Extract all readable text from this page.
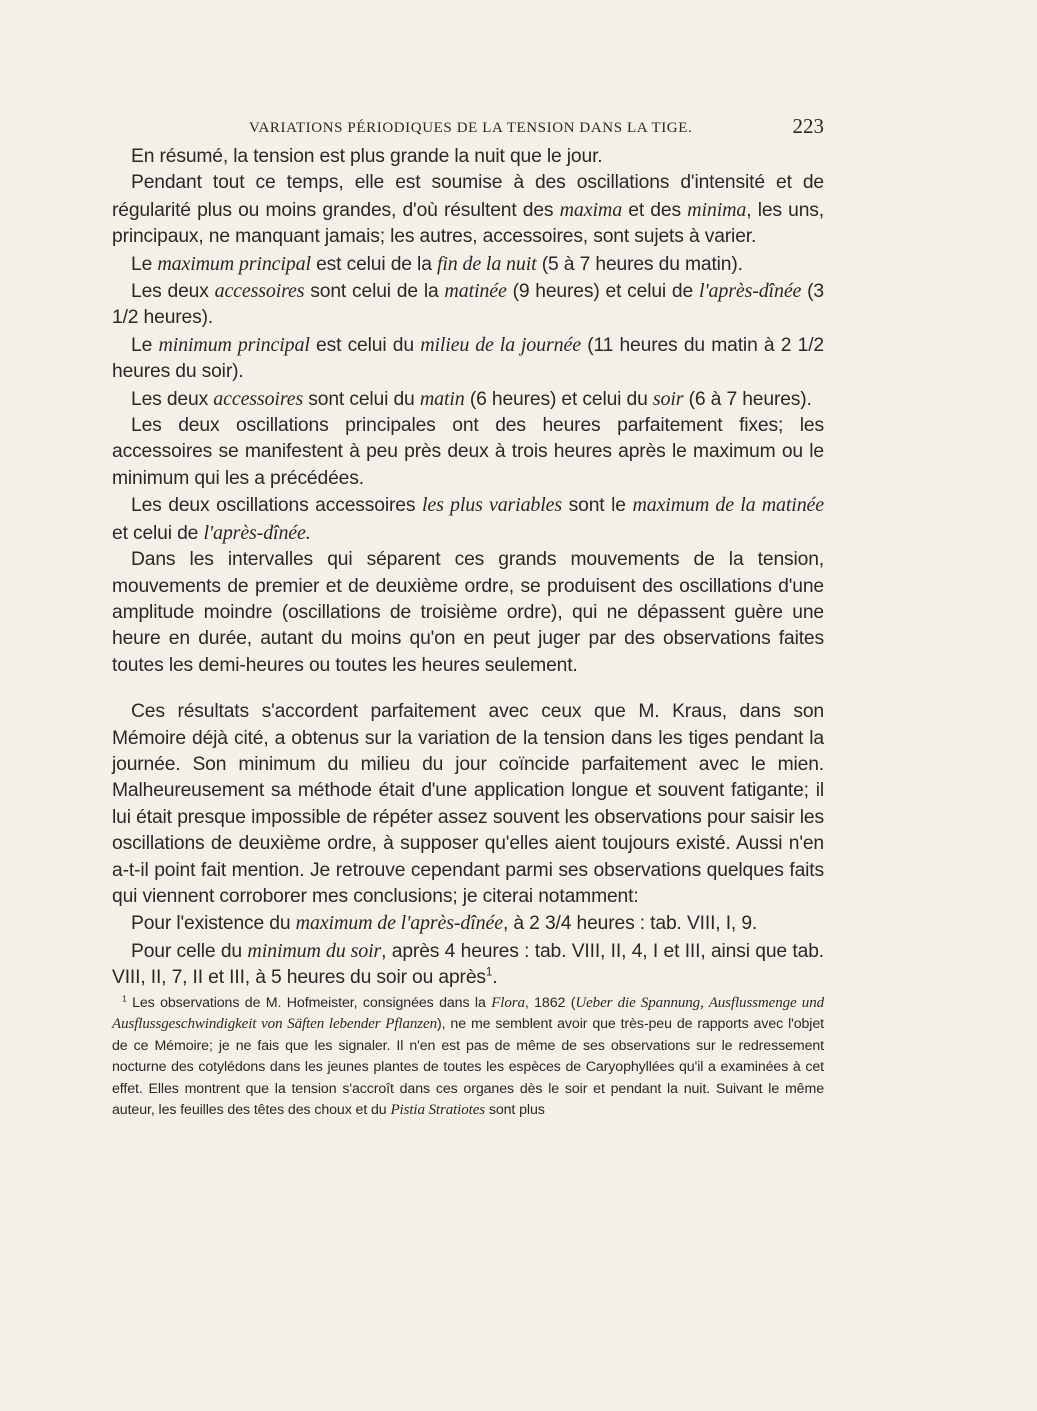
VARIATIONS PÉRIODIQUES DE LA TENSION DANS LA TIGE.	223

En résumé, la tension est plus grande la nuit que le jour.

Pendant tout ce temps, elle est soumise à des oscillations d'intensité et de régularité plus ou moins grandes, d'où résultent des maxima et des minima, les uns, principaux, ne manquant jamais; les autres, accessoires, sont sujets à varier.

Le maximum principal est celui de la fin de la nuit (5 à 7 heures du matin).

Les deux accessoires sont celui de la matinée (9 heures) et celui de l'après-dînée (3 1/2 heures).

Le minimum principal est celui du milieu de la journée (11 heures du matin à 2 1/2 heures du soir).

Les deux accessoires sont celui du matin (6 heures) et celui du soir (6 à 7 heures).

Les deux oscillations principales ont des heures parfaitement fixes; les accessoires se manifestent à peu près deux à trois heures après le maximum ou le minimum qui les a précédées.

Les deux oscillations accessoires les plus variables sont le maximum de la matinée et celui de l'après-dînée.

Dans les intervalles qui séparent ces grands mouvements de la tension, mouvements de premier et de deuxième ordre, se produisent des oscillations d'une amplitude moindre (oscillations de troisième ordre), qui ne dépassent guère une heure en durée, autant du moins qu'on en peut juger par des observations faites toutes les demi-heures ou toutes les heures seulement.

Ces résultats s'accordent parfaitement avec ceux que M. Kraus, dans son Mémoire déjà cité, a obtenus sur la variation de la tension dans les tiges pendant la journée. Son minimum du milieu du jour coïncide parfaitement avec le mien. Malheureusement sa méthode était d'une application longue et souvent fatigante; il lui était presque impossible de répéter assez souvent les observations pour saisir les oscillations de deuxième ordre, à supposer qu'elles aient toujours existé. Aussi n'en a-t-il point fait mention. Je retrouve cependant parmi ses observations quelques faits qui viennent corroborer mes conclusions; je citerai notamment:

Pour l'existence du maximum de l'après-dînée, à 2 3/4 heures : tab. VIII, I, 9.

Pour celle du minimum du soir, après 4 heures : tab. VIII, II, 4, I et III, ainsi que tab. VIII, II, 7, II et III, à 5 heures du soir ou après$^1$.

$^1$ Les observations de M. Hofmeister, consignées dans la Flora, 1862 (Ueber die Spannung, Ausflussmenge und Ausflussgeschwindigkeit von Säften lebender Pflanzen), ne me semblent avoir que très-peu de rapports avec l'objet de ce Mémoire; je ne fais que les signaler. Il n'en est pas de même de ses observations sur le redressement nocturne des cotylédons dans les jeunes plantes de toutes les espèces de Caryophyllées qu'il a examinées à cet effet. Elles montrent que la tension s'accroît dans ces organes dès le soir et pendant la nuit. Suivant le même auteur, les feuilles des têtes des choux et du Pistia Stratiotes sont plus
